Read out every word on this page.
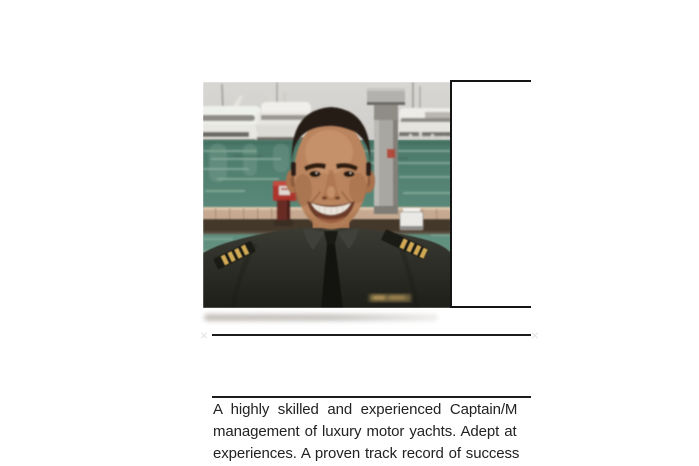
A highly skilled and experienced Captain/M

management of luxury motor yachts. Adept at

experiences. A proven track record of success
